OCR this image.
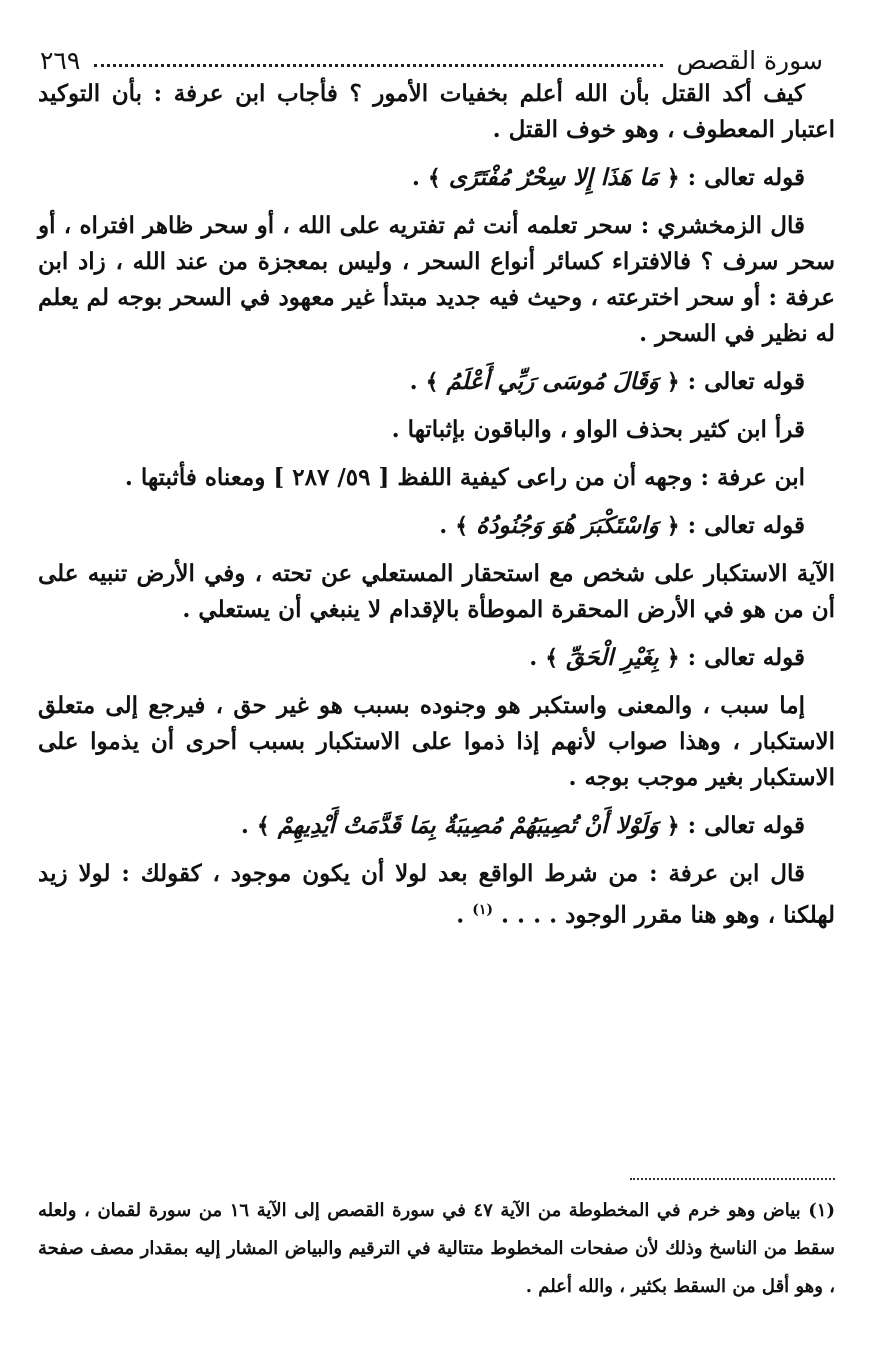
سورة القصص
٢٦٩

كيف أكد القتل بأن الله أعلم بخفيات الأمور ؟ فأجاب ابن عرفة : بأن التوكيد اعتبار المعطوف ، وهو خوف القتل .

قوله تعالى : ﴿ مَا هَذَا إِلا سِحْرٌ مُفْتَرًى ﴾ .

قال الزمخشري : سحر تعلمه أنت ثم تفتريه على الله ، أو سحر ظاهر افتراه ، أو سحر سرف ؟ فالافتراء كسائر أنواع السحر ، وليس بمعجزة من عند الله ، زاد ابن عرفة : أو سحر اخترعته ، وحيث فيه جديد مبتدأ غير معهود في السحر بوجه لم يعلم له نظير في السحر .

قوله تعالى : ﴿ وَقَالَ مُوسَى رَبِّي أَعْلَمُ ﴾ .

قرأ ابن كثير بحذف الواو ، والباقون بإثباتها .

ابن عرفة : وجهه أن من راعى كيفية اللفظ [ ٥٩/ ٢٨٧ ] ومعناه فأثبتها .

قوله تعالى : ﴿ وَاسْتَكْبَرَ هُوَ وَجُنُودُهُ ﴾ .

الآية الاستكبار على شخص مع استحقار المستعلي عن تحته ، وفي الأرض تنبيه على أن من هو في الأرض المحقرة الموطأة بالإقدام لا ينبغي أن يستعلي .

قوله تعالى : ﴿ بِغَيْرِ الْحَقِّ ﴾ .

إما سبب ، والمعنى واستكبر هو وجنوده بسبب هو غير حق ، فيرجع إلى متعلق الاستكبار ، وهذا صواب لأنهم إذا ذموا على الاستكبار بسبب أحرى أن يذموا على الاستكبار بغير موجب بوجه .

قوله تعالى : ﴿ وَلَوْلا أَنْ تُصِيبَهُمْ مُصِيبَةٌ بِمَا قَدَّمَتْ أَيْدِيهِمْ ﴾ .

قال ابن عرفة : من شرط الواقع بعد لولا أن يكون موجود ، كقولك : لولا زيد لهلكنا ، وهو هنا مقرر الوجود . . . . $^{(١)}$ .

(١) بياض وهو خرم في المخطوطة من الآية ٤٧ في سورة القصص إلى الآية ١٦ من سورة لقمان ، ولعله سقط من الناسخ وذلك لأن صفحات المخطوط متتالية في الترقيم والبياض المشار إليه بمقدار مصف صفحة ، وهو أقل من السقط بكثير ، والله أعلم .
